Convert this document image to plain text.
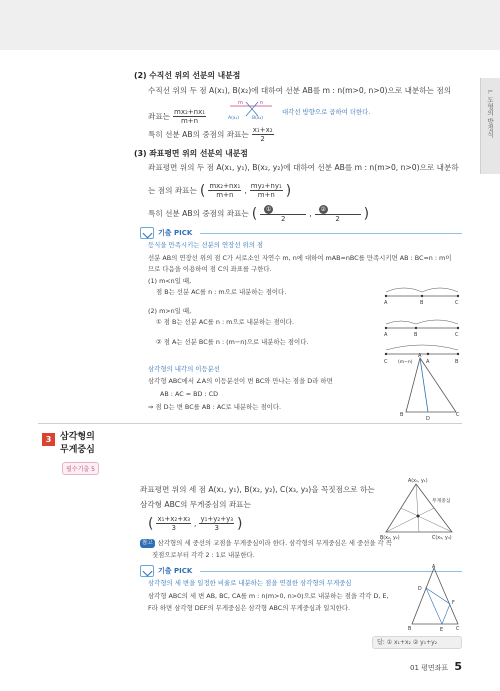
I. 도형의 방정식
(2) 수직선 위의 선분의 내분점
수직선 위의 두 점 A(x₁), B(x₂)에 대하여 선분 AB를 m : n(m>0, n>0)으로 내분하는 점의
좌표는 $\frac{\text{mx₂+nx₁}}{m+n}$
m	n
A(x₁)	B(x₂)
대각선 방향으로 곱하여 더한다.
특히 선분 AB의 중점의 좌표는 $\frac{\text{x₁+x₂}}{2}$
(3) 좌표평면 위의 선분의 내분점
좌표평면 위의 두 점 A(x₁, y₁), B(x₂, y₂)에 대하여 선분 AB를 m : n(m>0, n>0)으로 내분하
는 점의 좌표는 ( $\frac{\text{mx₂+nx₁}}{m+n}$ , $\frac{\text{my₂+ny₁}}{m+n}$ )
특히 선분 AB의 중점의 좌표는 ( $\frac{\text{①}}{2}$ , $\frac{\text{②}}{2}$ )
기출 PICK
등식을 만족시키는 선분의 연장선 위의 점
선분 AB의 연장선 위의 점 C가 서로소인 자연수 m, n에 대하여 mAB=nBC를 만족시키면 AB : BC=n : m이
므로 다음을 이용하여 점 C의 좌표를 구한다.
(1) m<n일 때,
점 B는 선분 AC를 n : m으로 내분하는 점이다.
(2) m>n일 때,
① 점 B는 선분 AC를 n : m으로 내분하는 점이다.
② 점 A는 선분 BC를 n : (m−n)으로 내분하는 점이다.
A	B	C
A	B	C
C	A	B
(m−n)
삼각형의 내각의 이등분선
삼각형 ABC에서 ∠A의 이등분선이 변 BC와 만나는 점을 D라 하면
AB : AC = BD : CD
⇒ 점 D는 변 BC를 AB : AC로 내분하는 점이다.
A
B	C
D
3 삼각형의
무게중심
필수기출 5
좌표평면 위의 세 점 A(x₁, y₁), B(x₂, y₂), C(x₃, y₃)을 꼭짓점으로 하는
삼각형 ABC의 무게중심의 좌표는
( $\frac{\text{x₁+x₂+x₃}}{3}$ , $\frac{\text{y₁+y₂+y₃}}{3}$ )
참고 삼각형의 세 중선의 교점을 무게중심이라 한다. 삼각형의 무게중심은 세 중선을 각 꼭
짓점으로부터 각각 2 : 1로 내분한다.
A(x₁, y₁)
무게중심
B(x₂, y₂)	C(x₃, y₃)
기출 PICK
삼각형의 세 변을 일정한 비율로 내분하는 점을 연결한 삼각형의 무게중심
삼각형 ABC의 세 변 AB, BC, CA를 m : n(m>0, n>0)으로 내분하는 점을 각각 D, E,
F라 하면 삼각형 DEF의 무게중심은 삼각형 ABC의 무게중심과 일치한다.
A
D
F
B	E	C
답: ① x₁+x₂ ② y₁+y₂
01 평면좌표 5
